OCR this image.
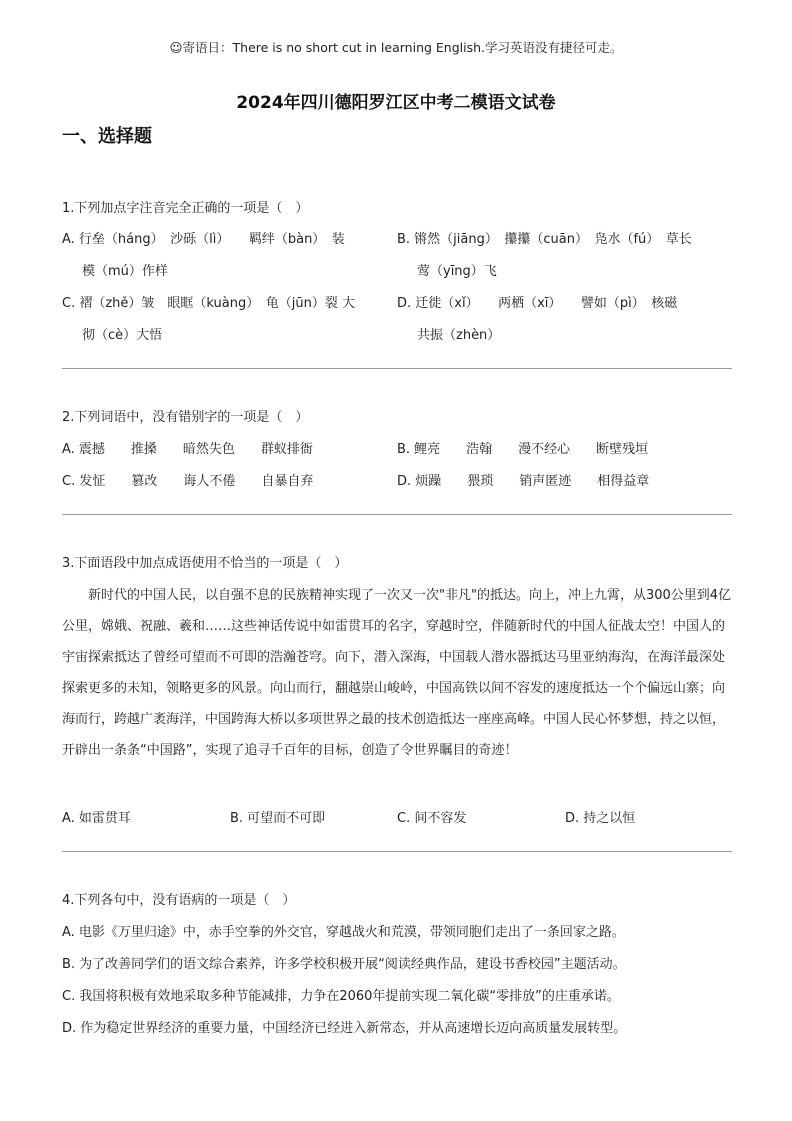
☺寄语日：There is no short cut in learning English.学习英语没有捷径可走。
2024年四川德阳罗江区中考二模语文试卷
一、选择题
1.下列加点字注音完全正确的一项是（　）
A. 行垒（háng）　沙砾（lì）　　羁绊（bàn）　装
模（mú）作样
B. 锵然（jiāng）　攥攥（cuān）　凫水（fú）　草长
莺（yīng）飞
C. 褶（zhě）皱　眼眶（kuàng）　龟（jūn）裂 大
彻（cè）大悟
D. 迁徙（xǐ）　　两栖（xī）　　譬如（pì）　核磁
共振（zhèn）
2.下列词语中，没有错别字的一项是（　）
A. 震撼　　推搡　　暗然失色　　群蚁排衙	B. 鲤亮　　浩翰　　漫不经心　　断壁残垣
C. 发怔　　篡改　　诲人不倦　　自暴自弃	D. 烦躁　　猥琐　　销声匿迹　　相得益章
3.下面语段中加点成语使用不恰当的一项是（　）
新时代的中国人民，以自强不息的民族精神实现了一次又一次"非凡"的抵达。向上，冲上九霄，从300公里到4亿公里，嫦娥、祝融、羲和……这些神话传说中如雷贯耳的名字，穿越时空，伴随新时代的中国人征战太空！中国人的宇宙探索抵达了曾经可望而不可即的浩瀚苍穹。向下，潜入深海，中国载人潜水器抵达马里亚纳海沟，在海洋最深处探索更多的未知，领略更多的风景。向山而行，翻越崇山峻岭，中国高铁以间不容发的速度抵达一个个偏远山寨；向海而行，跨越广袤海洋，中国跨海大桥以多项世界之最的技术创造抵达一座座高峰。中国人民心怀梦想，持之以恒，开辟出一条条“中国路”，实现了追寻千百年的目标，创造了令世界瞩目的奇迹！
A. 如雷贯耳	B. 可望而不可即	C. 间不容发	D. 持之以恒
4.下列各句中，没有语病的一项是（　）
A. 电影《万里归途》中，赤手空拳的外交官，穿越战火和荒漠，带领同胞们走出了一条回家之路。
B. 为了改善同学们的语文综合素养，许多学校积极开展“阅读经典作品，建设书香校园”主题活动。
C. 我国将积极有效地采取多种节能减排，力争在2060年提前实现二氧化碳“零排放”的庄重承诺。
D. 作为稳定世界经济的重要力量，中国经济已经进入新常态，并从高速增长迈向高质量发展转型。
